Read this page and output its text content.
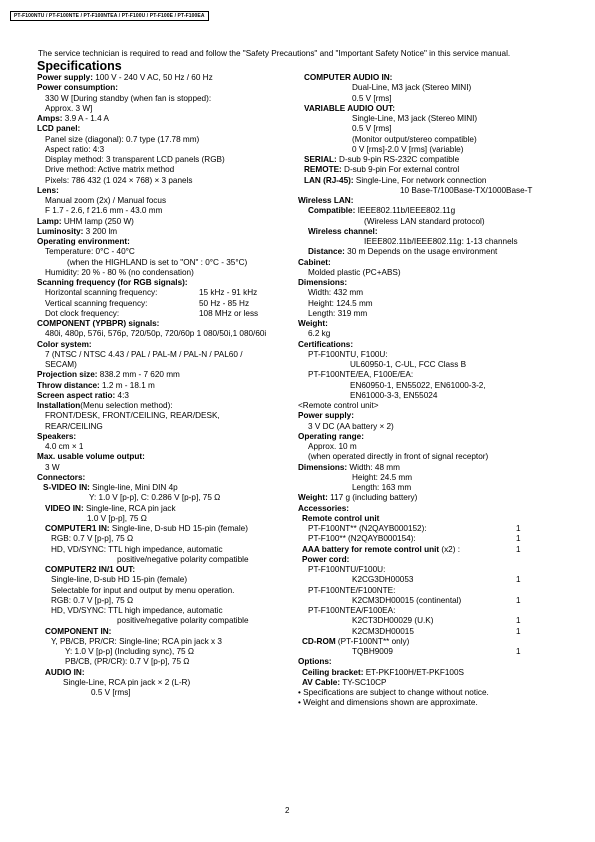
PT-F100NTU / PT-F100NTE / PT-F100NTEA / PT-F100U / PT-F100E / PT-F100EA
The service technician is required to read and follow the "Safety Precautions" and "Important Safety Notice" in this service manual.
Specifications
Power supply: 100 V - 240 V AC, 50 Hz / 60 Hz
Power consumption:
330 W [During standby (when fan is stopped):
Approx. 3 W]
Amps: 3.9 A - 1.4 A
LCD panel:
Panel size (diagonal): 0.7 type (17.78 mm)
Aspect ratio: 4:3
Display method: 3 transparent LCD panels (RGB)
Drive method: Active matrix method
Pixels: 786 432 (1 024 × 768) × 3 panels
Lens:
Manual zoom (2x) / Manual focus
F 1.7 - 2.6, f 21.6 mm - 43.0 mm
Lamp: UHM lamp (250 W)
Luminosity: 3 200 lm
Operating environment:
Temperature: 0°C - 40°C
(when the HIGHLAND is set to "ON" : 0°C - 35°C)
Humidity: 20 % - 80 % (no condensation)
Scanning frequency (for RGB signals):
Horizontal scanning frequency:	15 kHz - 91 kHz
Vertical scanning frequency:	50 Hz - 85 Hz
Dot clock frequency:	108 MHz or less
COMPONENT (YPBPR) signals:
480i, 480p, 576i, 576p, 720/50p, 720/60p 1 080/50i,1 080/60i
Color system:
7 (NTSC / NTSC 4.43 / PAL / PAL-M / PAL-N / PAL60 /
SECAM)
Projection size: 838.2 mm - 7 620 mm
Throw distance: 1.2 m - 18.1 m
Screen aspect ratio: 4:3
Installation(Menu selection method):
FRONT/DESK, FRONT/CEILING, REAR/DESK,
REAR/CEILING
Speakers:
4.0 cm × 1
Max. usable volume output:
3 W
Connectors:
S-VIDEO IN: Single-line, Mini DIN 4p
Y: 1.0 V [p-p], C: 0.286 V [p-p], 75 Ω
VIDEO IN: Single-line, RCA pin jack
1.0 V [p-p], 75 Ω
COMPUTER1 IN: Single-line, D-sub HD 15-pin (female)
RGB: 0.7 V [p-p], 75 Ω
HD, VD/SYNC: TTL high impedance, automatic
positive/negative polarity compatible
COMPUTER2 IN/1 OUT:
Single-line, D-sub HD 15-pin (female)
Selectable for input and output by menu operation.
RGB: 0.7 V [p-p], 75 Ω
HD, VD/SYNC: TTL high impedance, automatic
positive/negative polarity compatible
COMPONENT IN:
Y, PB/CB, PR/CR: Single-line; RCA pin jack x 3
Y: 1.0 V [p-p] (Including sync), 75 Ω
PB/CB, (PR/CR): 0.7 V [p-p], 75 Ω
AUDIO IN:
Single-Line, RCA pin jack × 2 (L-R)
0.5 V [rms]
COMPUTER AUDIO IN:
Dual-Line, M3 jack (Stereo MINI)
0.5 V [rms]
VARIABLE AUDIO OUT:
Single-Line, M3 jack (Stereo MINI)
0.5 V [rms]
(Monitor output/stereo compatible)
0 V [rms]-2.0 V [rms] (variable)
SERIAL: D-sub 9-pin RS-232C compatible
REMOTE: D-sub 9-pin For external control
LAN (RJ-45): Single-Line, For network connection
10 Base-T/100Base-TX/1000Base-T
Wireless LAN:
Compatible: IEEE802.11b/IEEE802.11g
(Wireless LAN standard protocol)
Wireless channel:
IEEE802.11b/IEEE802.11g: 1-13 channels
Distance: 30 m Depends on the usage environment
Cabinet:
Molded plastic (PC+ABS)
Dimensions:
Width: 432 mm
Height: 124.5 mm
Length: 319 mm
Weight:
6.2 kg
Certifications:
PT-F100NTU, F100U:
UL60950-1, C-UL, FCC Class B
PT-F100NTE/EA, F100E/EA:
EN60950-1, EN55022, EN61000-3-2,
EN61000-3-3, EN55024
<Remote control unit>
Power supply:
3 V DC (AA battery × 2)
Operating range:
Approx. 10 m
(when operated directly in front of signal receptor)
Dimensions: Width: 48 mm
Height: 24.5 mm
Length: 163 mm
Weight: 117 g (including battery)
Accessories:
Remote control unit
PT-F100NT** (N2QAYB000152):	1
PT-F100** (N2QAYB000154):	1
AAA battery for remote control unit (x2) :	1
Power cord:
PT-F100NTU/F100U:
K2CG3DH00053	1
PT-F100NTE/F100NTE:
K2CM3DH00015 (continental)	1
PT-F100NTEA/F100EA:
K2CT3DH00029 (U.K)	1
K2CM3DH00015	1
CD-ROM (PT-F100NT** only)
TQBH9009	1
Options:
Ceiling bracket: ET-PKF100H/ET-PKF100S
AV Cable: TY-SC10CP
• Specifications are subject to change without notice.
• Weight and dimensions shown are approximate.
2
